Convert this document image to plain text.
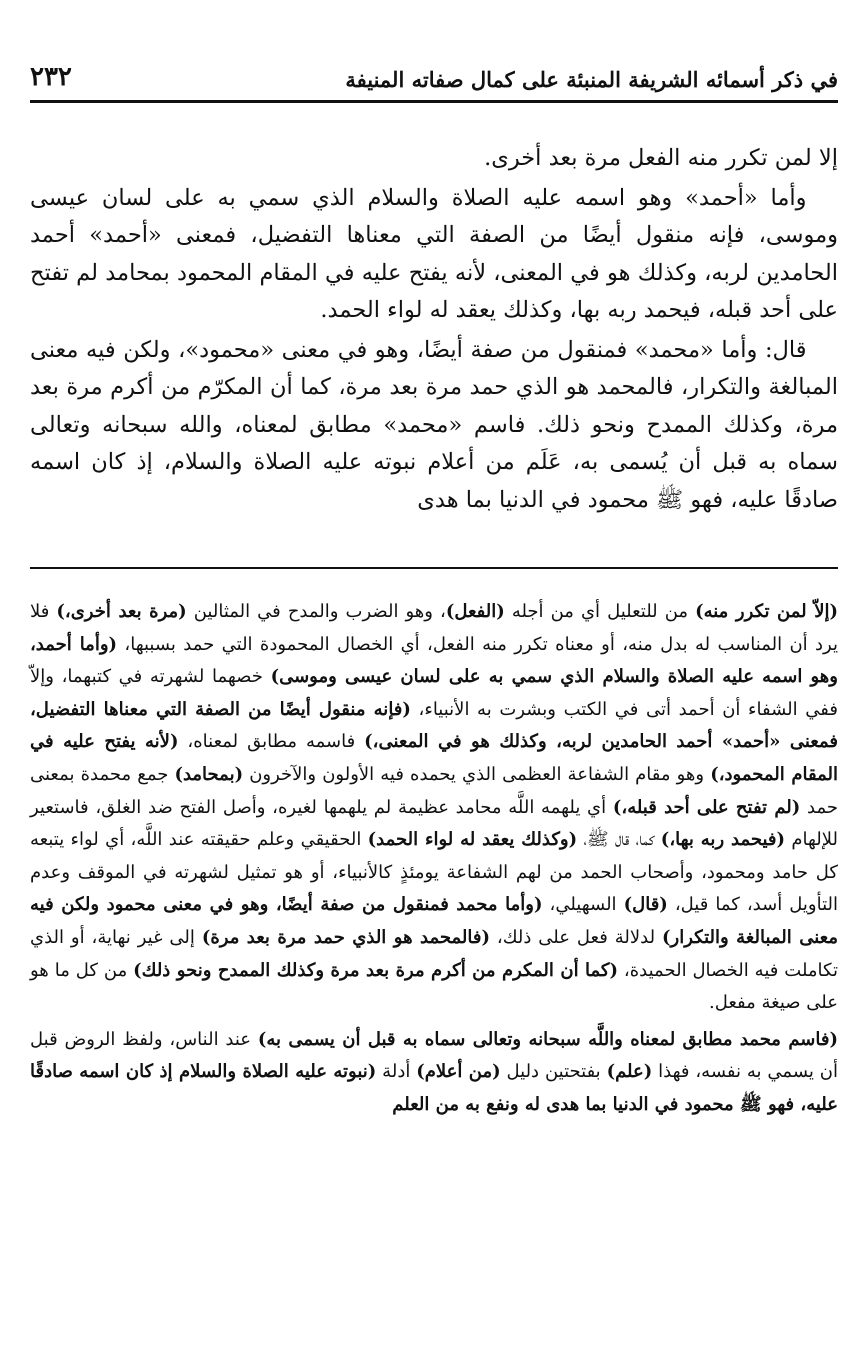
في ذكر أسمائه الشريفة المنبئة على كمال صفاته المنيفة
٢٣٢

إلا لمن تكرر منه الفعل مرة بعد أخرى.

وأما «أحمد» وهو اسمه عليه الصلاة والسلام الذي سمي به على لسان عيسى وموسى، فإنه منقول أيضًا من الصفة التي معناها التفضيل، فمعنى «أحمد» أحمد الحامدين لربه، وكذلك هو في المعنى، لأنه يفتح عليه في المقام المحمود بمحامد لم تفتح على أحد قبله، فيحمد ربه بها، وكذلك يعقد له لواء الحمد.

قال: وأما «محمد» فمنقول من صفة أيضًا، وهو في معنى «محمود»، ولكن فيه معنى المبالغة والتكرار، فالمحمد هو الذي حمد مرة بعد مرة، كما أن المكرّم من أكرم مرة بعد مرة، وكذلك الممدح ونحو ذلك. فاسم «محمد» مطابق لمعناه، والله سبحانه وتعالى سماه به قبل أن يُسمى به، عَلَم من أعلام نبوته عليه الصلاة والسلام، إذ كان اسمه صادقًا عليه، فهو ﷺ محمود في الدنيا بما هدى

(إلاّ لمن تكرر منه) من للتعليل أي من أجله (الفعل)، وهو الضرب والمدح في المثالين (مرة بعد أخرى،) فلا يرد أن المناسب له بدل منه، أو معناه تكرر منه الفعل، أي الخصال المحمودة التي حمد بسببها، (وأما أحمد، وهو اسمه عليه الصلاة والسلام الذي سمي به على لسان عيسى وموسى) خصهما لشهرته في كتبهما، وإلاّ ففي الشفاء أن أحمد أتى في الكتب وبشرت به الأنبياء، (فإنه منقول أيضًا من الصفة التي معناها التفضيل، فمعنى «أحمد» أحمد الحامدين لربه، وكذلك هو في المعنى،) فاسمه مطابق لمعناه، (لأنه يفتح عليه في المقام المحمود،) وهو مقام الشفاعة العظمى الذي يحمده فيه الأولون والآخرون (بمحامد) جمع محمدة بمعنى حمد (لم تفتح على أحد قبله،) أي يلهمه اللَّه محامد عظيمة لم يلهمها لغيره، وأصل الفتح ضد الغلق، فاستعير للإلهام (فيحمد ربه بها،) كما، قال ﷺ، (وكذلك يعقد له لواء الحمد) الحقيقي وعلم حقيقته عند اللَّه، أي لواء يتبعه كل حامد ومحمود، وأصحاب الحمد من لهم الشفاعة يومئذٍ كالأنبياء، أو هو تمثيل لشهرته في الموقف وعدم التأويل أسد، كما قيل، (قال) السهيلي، (وأما محمد فمنقول من صفة أيضًا، وهو في معنى محمود ولكن فيه معنى المبالغة والتكرار) لدلالة فعل على ذلك، (فالمحمد هو الذي حمد مرة بعد مرة) إلى غير نهاية، أو الذي تكاملت فيه الخصال الحميدة، (كما أن المكرم من أكرم مرة بعد مرة وكذلك الممدح ونحو ذلك) من كل ما هو على صيغة مفعل.

(فاسم محمد مطابق لمعناه واللَّه سبحانه وتعالى سماه به قبل أن يسمى به) عند الناس، ولفظ الروض قبل أن يسمي به نفسه، فهذا (علم) بفتحتين دليل (من أعلام) أدلة (نبوته عليه الصلاة والسلام إذ كان اسمه صادقًا عليه، فهو ﷺ محمود في الدنيا بما هدى له ونفع به من العلم
